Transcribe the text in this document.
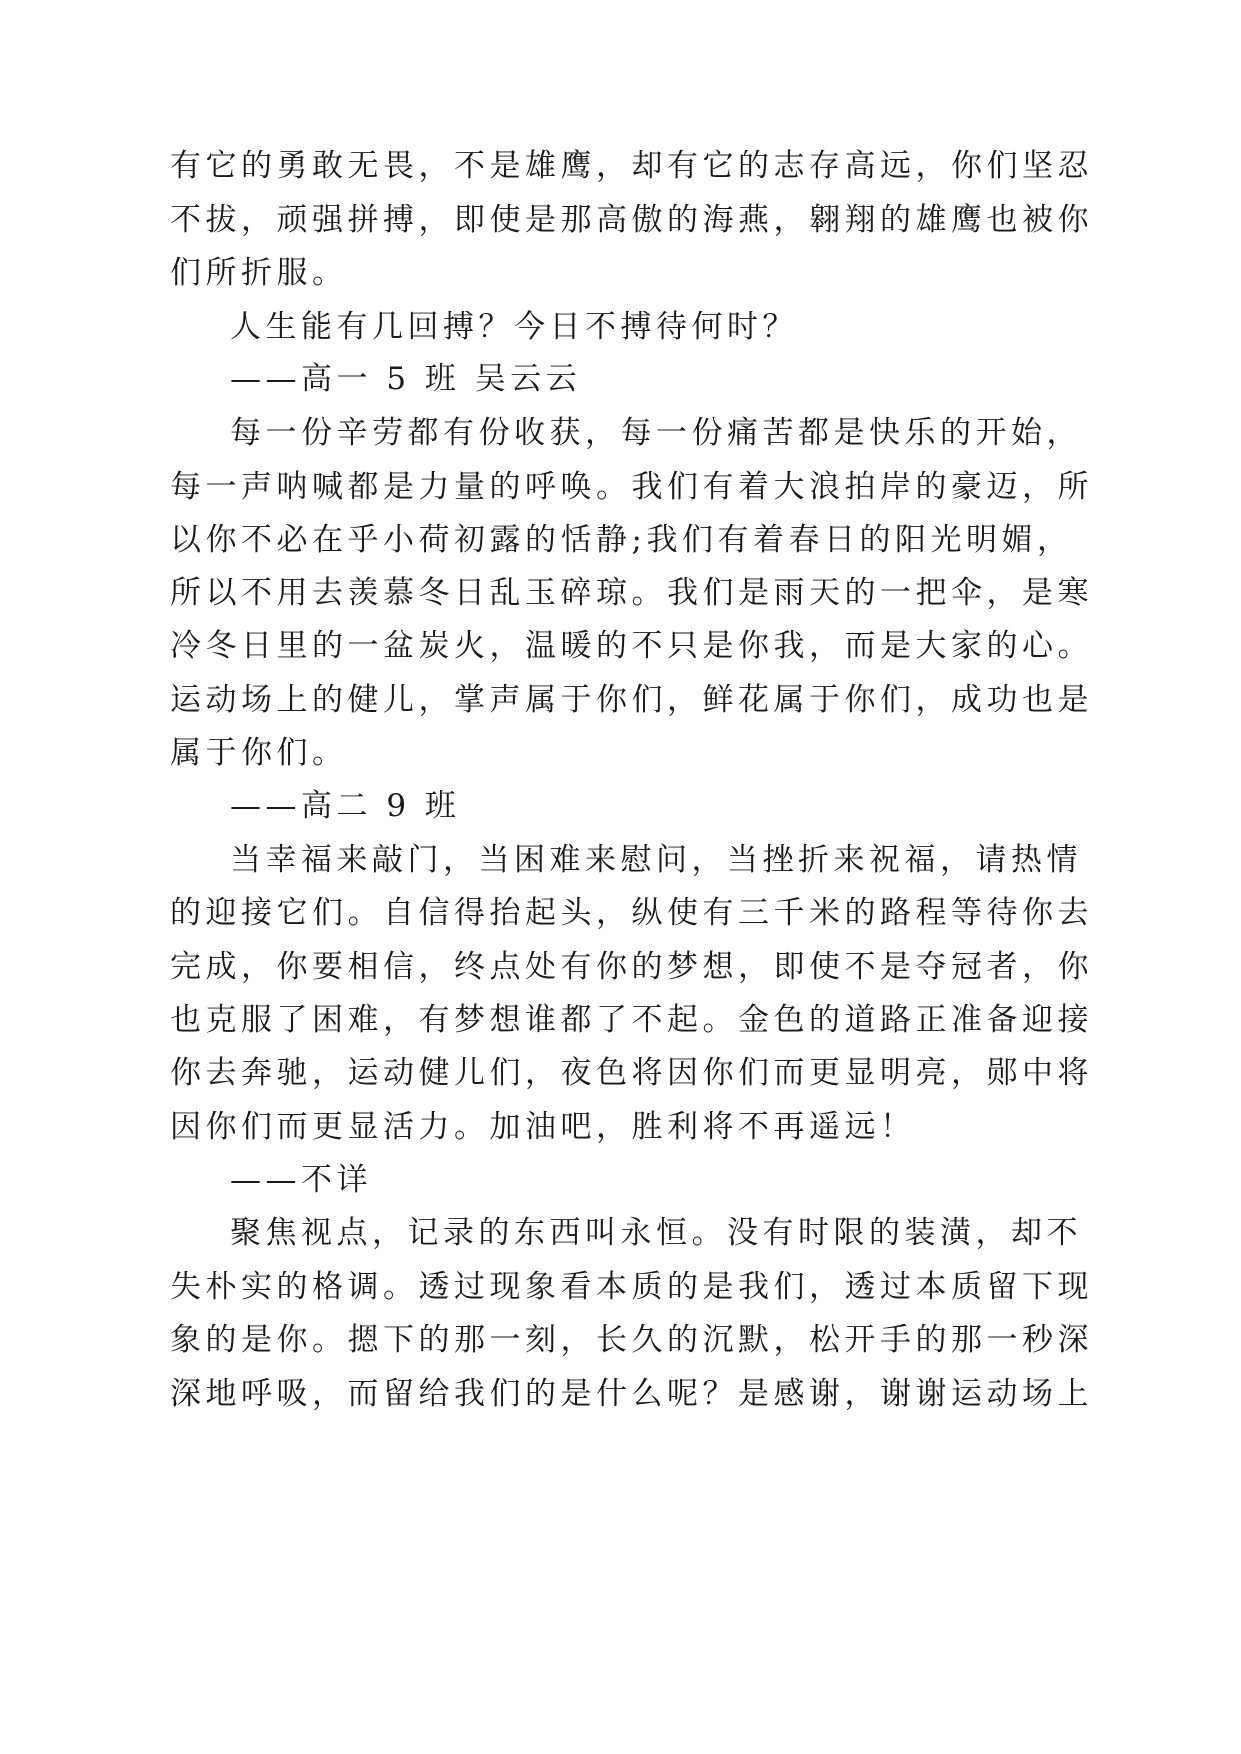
有它的勇敢无畏，不是雄鹰，却有它的志存高远，你们坚忍
不拔，顽强拼搏，即使是那高傲的海燕，翱翔的雄鹰也被你
们所折服。
人生能有几回搏？今日不搏待何时？
——高一 5 班 吴云云
每一份辛劳都有份收获，每一份痛苦都是快乐的开始，
每一声呐喊都是力量的呼唤。我们有着大浪拍岸的豪迈，所
以你不必在乎小荷初露的恬静;我们有着春日的阳光明媚，
所以不用去羡慕冬日乱玉碎琼。我们是雨天的一把伞，是寒
冷冬日里的一盆炭火，温暖的不只是你我，而是大家的心。
运动场上的健儿，掌声属于你们，鲜花属于你们，成功也是
属于你们。
——高二 9 班
当幸福来敲门，当困难来慰问，当挫折来祝福，请热情
的迎接它们。自信得抬起头，纵使有三千米的路程等待你去
完成，你要相信，终点处有你的梦想，即使不是夺冠者，你
也克服了困难，有梦想谁都了不起。金色的道路正准备迎接
你去奔驰，运动健儿们，夜色将因你们而更显明亮，郧中将
因你们而更显活力。加油吧，胜利将不再遥远！
——不详
聚焦视点，记录的东西叫永恒。没有时限的装潢，却不
失朴实的格调。透过现象看本质的是我们，透过本质留下现
象的是你。摁下的那一刻，长久的沉默，松开手的那一秒深
深地呼吸，而留给我们的是什么呢？是感谢，谢谢运动场上
